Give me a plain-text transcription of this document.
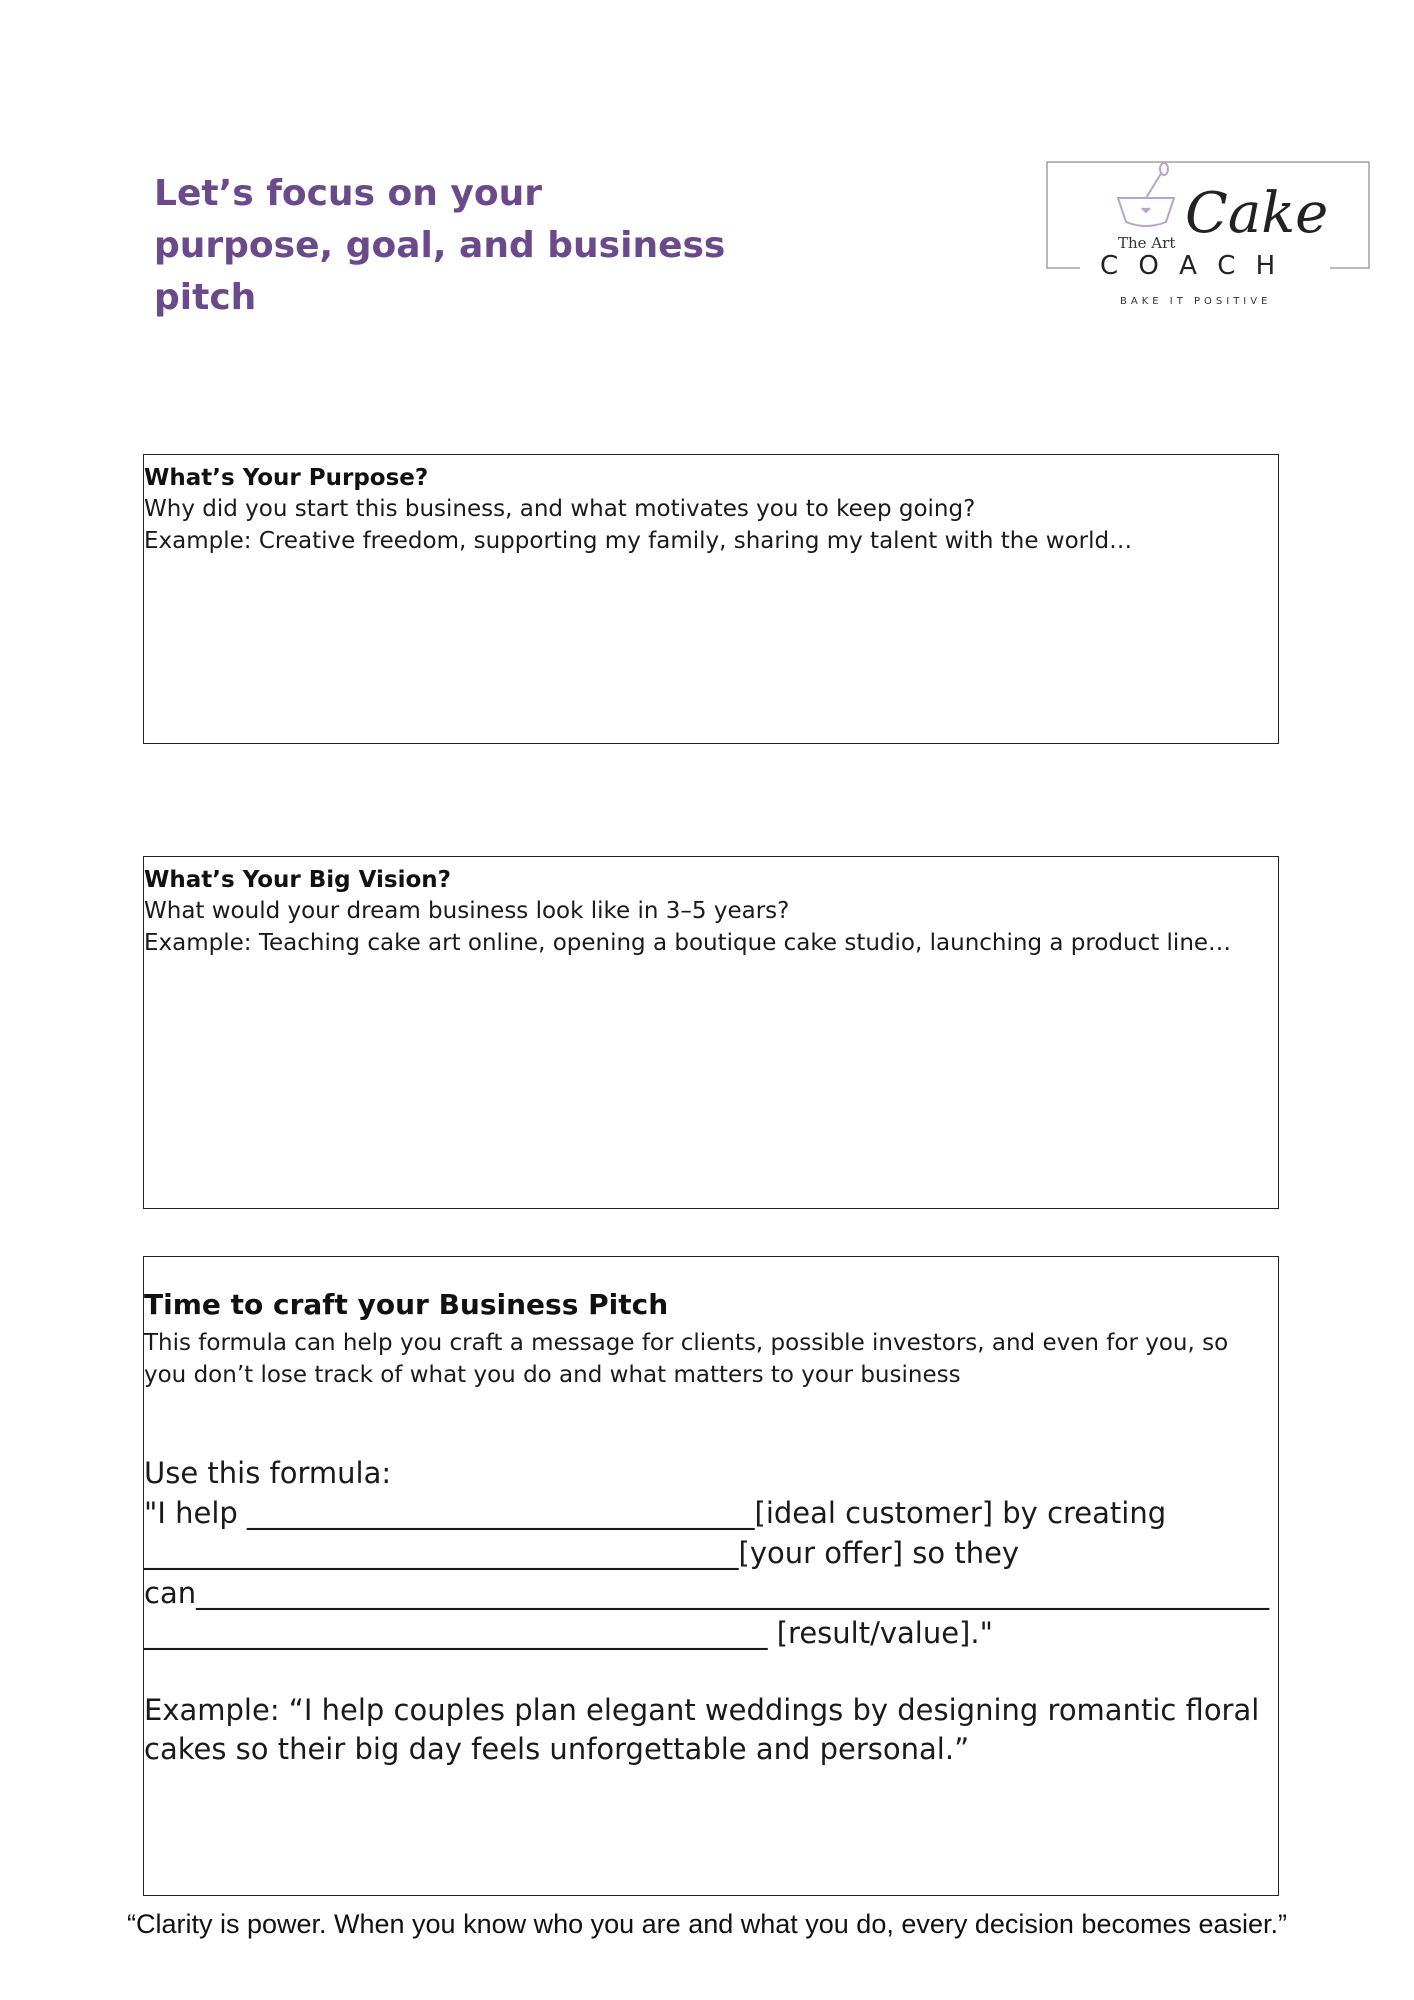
Let’s focus on your
purpose, goal, and business
pitch
The Art Cake
C O A C H
BAKE IT POSITIVE

What’s Your Purpose?

Why did you start this business, and what motivates you to keep going?

Example: Creative freedom, supporting my family, sharing my talent with the world…

What’s Your Big Vision?

What would your dream business look like in 3–5 years?

Example: Teaching cake art online, opening a boutique cake studio, launching a product line…

Time to craft your Business Pitch

This formula can help you craft a message for clients, possible investors, and even for you, so

you don’t lose track of what you do and what matters to your business

Use this formula:

"I help ___________________________________[ideal customer] by creating

_________________________________________[your offer] so they

can__________________________________________________________________________

___________________________________________ [result/value]."

Example: “I help couples plan elegant weddings by designing romantic floral

cakes so their big day feels unforgettable and personal.”

“Clarity is power. When you know who you are and what you do, every decision becomes easier.”
